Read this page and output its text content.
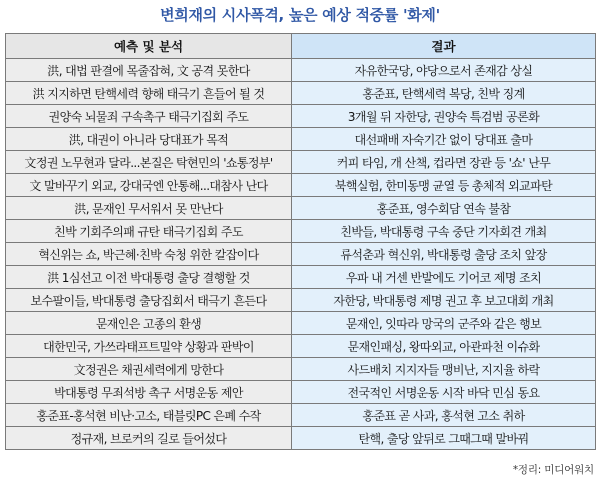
변희재의 시사폭격, 높은 예상 적중률 '화제'
예측 및 분석	결과
洪, 대법 판결에 목줄잡혀, 文 공격 못한다	자유한국당, 야당으로서 존재감 상실
洪 지지하면 탄핵세력 향해 태극기 흔들어 될 것	홍준표, 탄핵세력 복당, 친박 징계
권양숙 뇌물죄 구속촉구 태극기집회 주도	3개월 뒤 자한당, 권양숙 특검범 공론화
洪, 대권이 아니라 당대표가 목적	대선패배 자숙기간 없이 당대표 출마
文정권 노무현과 달라...본질은 탁현민의 '쇼통정부'	커피 타임, 개 산책, 컵라면 장관 등 '쇼' 난무
文 말바꾸기 외교, 강대국엔 안통해...대참사 난다	북핵실험, 한미동맹 균열 등 총체적 외교파탄
洪, 문재인 무서워서 못 만난다	홍준표, 영수회담 연속 불참
친박 기회주의패 규탄 태극기집회 주도	친박들, 박대통령 구속 중단 기자회견 개최
혁신위는 쇼, 박근혜·친박 숙청 위한 칼잡이다	류석춘과 혁신위, 박대통령 출당 조치 앞장
洪 1심선고 이전 박대통령 출당 결행할 것	우파 내 거센 반발에도 기어코 제명 조치
보수팔이들, 박대통령 출당집회서 태극기 흔든다	자한당, 박대통령 제명 권고 후 보고대회 개최
문재인은 고종의 환생	문재인, 잇따라 망국의 군주와 같은 행보
대한민국, 가쓰라태프트밀약 상황과 판박이	문재인패싱, 왕따외교, 아관파천 이슈화
文정권은 채권세력에게 망한다	사드배치 지지자들 맹비난, 지지율 하락
박대통령 무죄석방 촉구 서명운동 제안	전국적인 서명운동 시작 바닥 민심 동요
홍준표-홍석현 비난·고소, 태블릿PC 은폐 수작	홍준표 곧 사과, 홍석현 고소 취하
정규재, 브로커의 길로 들어섰다	탄핵, 출당 앞뒤로 그때그때 말바꿔
*정리: 미디어워치
